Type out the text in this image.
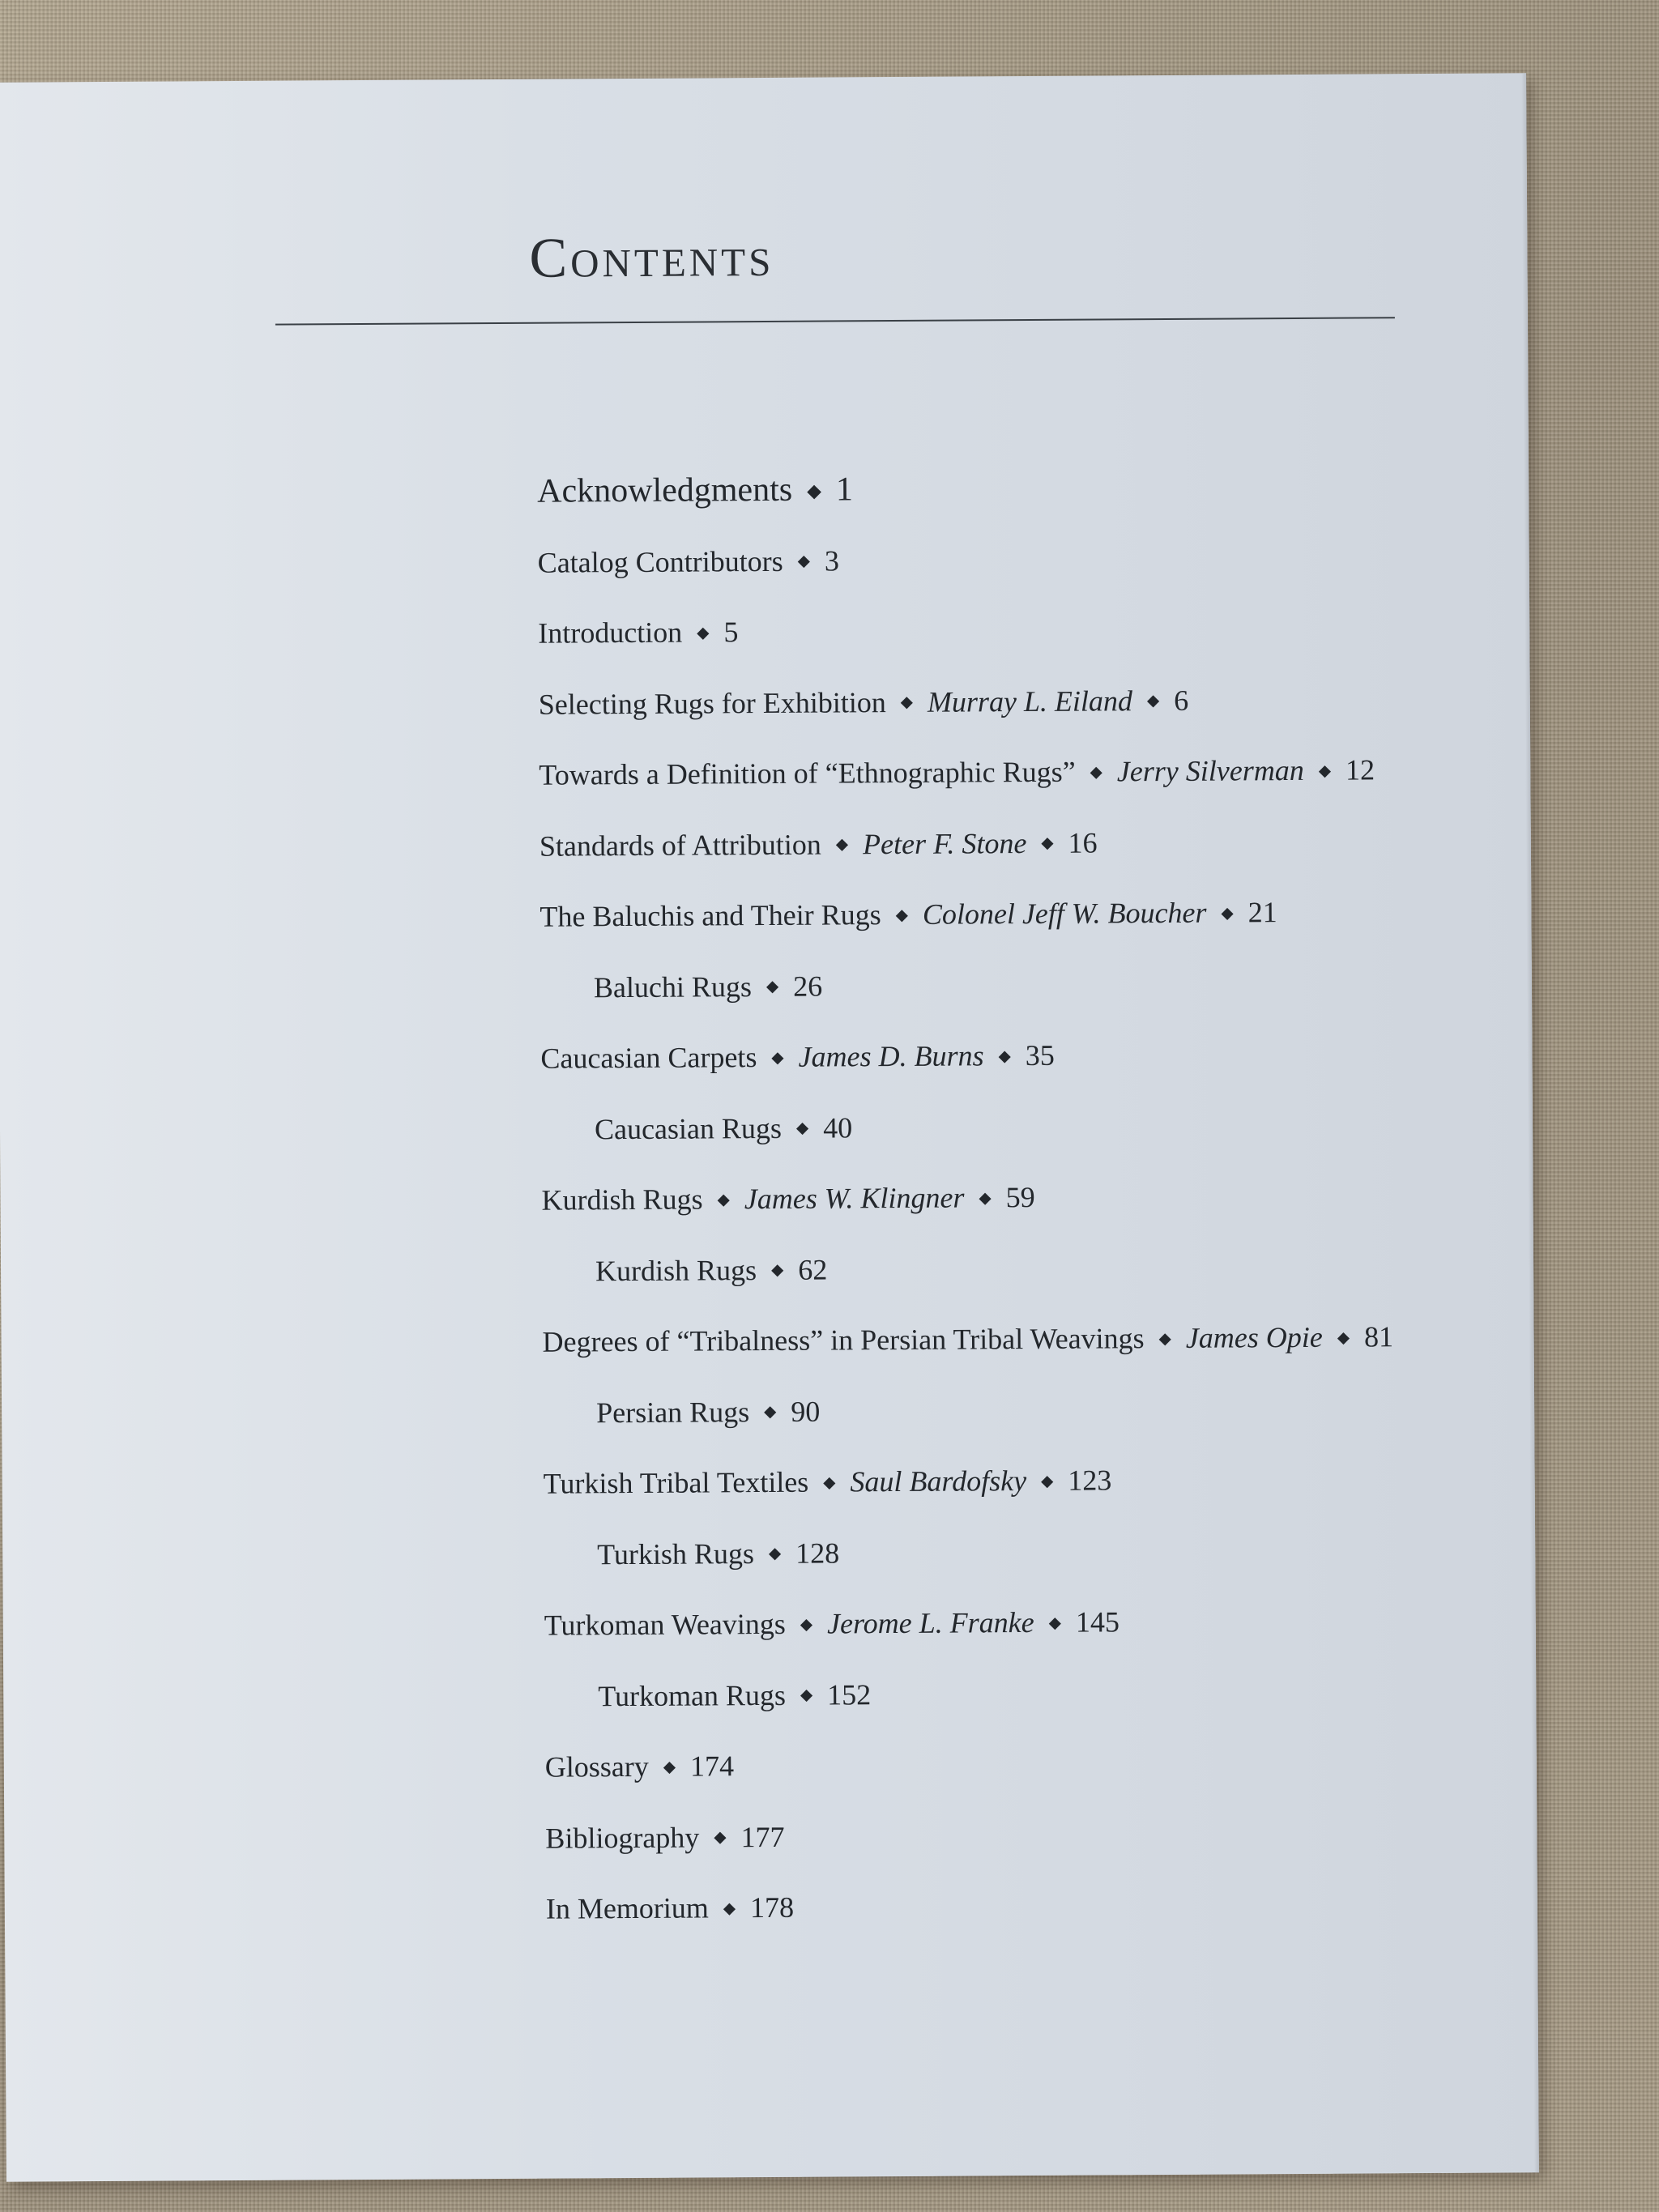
Contents
Acknowledgments ◆ 1
Catalog Contributors ◆ 3
Introduction ◆ 5
Selecting Rugs for Exhibition ◆ Murray L. Eiland ◆ 6
Towards a Definition of “Ethnographic Rugs” ◆ Jerry Silverman ◆ 12
Standards of Attribution ◆ Peter F. Stone ◆ 16
The Baluchis and Their Rugs ◆ Colonel Jeff W. Boucher ◆ 21
Baluchi Rugs ◆ 26
Caucasian Carpets ◆ James D. Burns ◆ 35
Caucasian Rugs ◆ 40
Kurdish Rugs ◆ James W. Klingner ◆ 59
Kurdish Rugs ◆ 62
Degrees of “Tribalness” in Persian Tribal Weavings ◆ James Opie ◆ 81
Persian Rugs ◆ 90
Turkish Tribal Textiles ◆ Saul Bardofsky ◆ 123
Turkish Rugs ◆ 128
Turkoman Weavings ◆ Jerome L. Franke ◆ 145
Turkoman Rugs ◆ 152
Glossary ◆ 174
Bibliography ◆ 177
In Memorium ◆ 178
